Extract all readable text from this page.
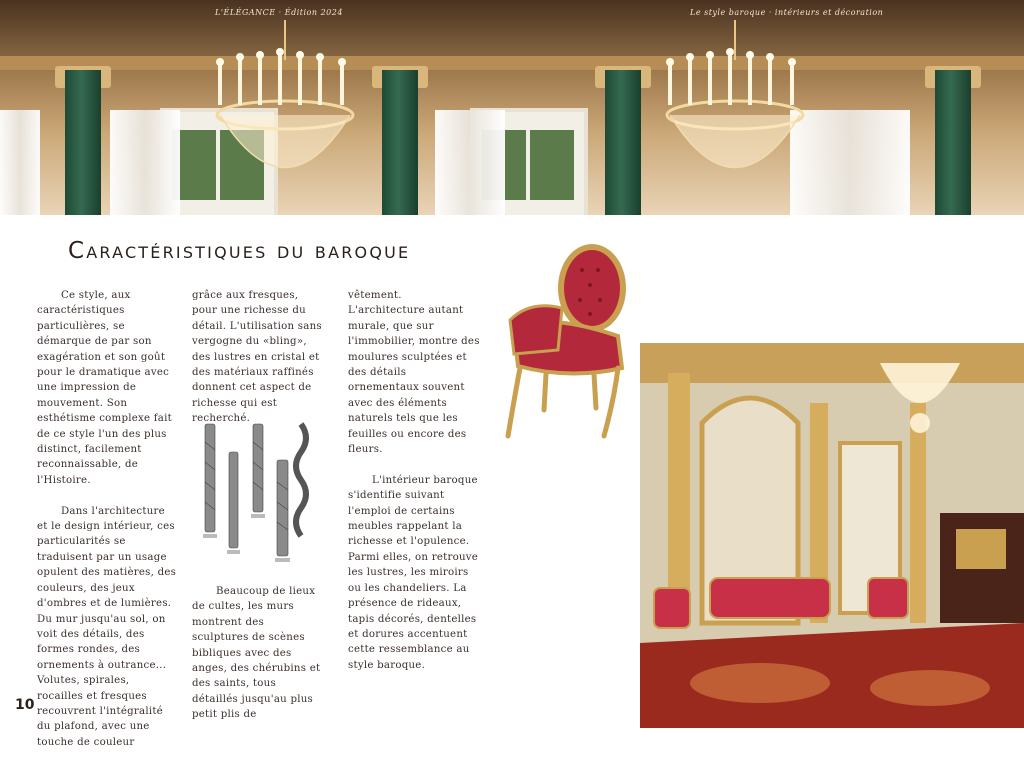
L'ÉLÉGANCE · Édition 2024	Le style baroque · intérieurs et décoration
Caractéristiques du baroque

Ce style, aux caractéristiques particulières, se démarque de par son exagération et son goût pour le dramatique avec une impression de mouvement. Son esthétisme complexe fait de ce style l'un des plus distinct, facilement reconnaissable, de l'Histoire.

Dans l'architecture et le design intérieur, ces particularités se traduisent par un usage opulent des matières, des couleurs, des jeux d'ombres et de lumières. Du mur jusqu'au sol, on voit des détails, des formes rondes, des ornements à outrance... Volutes, spirales, rocailles et fresques recouvrent l'intégralité du plafond, avec une touche de couleur

grâce aux fresques, pour une richesse du détail. L'utilisation sans vergogne du «bling», des lustres en cristal et des matériaux raffinés donnent cet aspect de richesse qui est recherché.

Beaucoup de lieux de cultes, les murs montrent des sculptures de scènes bibliques avec des anges, des chérubins et des saints, tous détaillés jusqu'au plus petit plis de

vêtement. L'architecture autant murale, que sur l'immobilier, montre des moulures sculptées et des détails ornementaux souvent avec des éléments naturels tels que les feuilles ou encore des fleurs.

L'intérieur baroque s'identifie suivant l'emploi de certains meubles rappelant la richesse et l'opulence. Parmi elles, on retrouve les lustres, les miroirs ou les chandeliers. La présence de rideaux, tapis décorés, dentelles et dorures accentuent cette ressemblance au style baroque.

10
